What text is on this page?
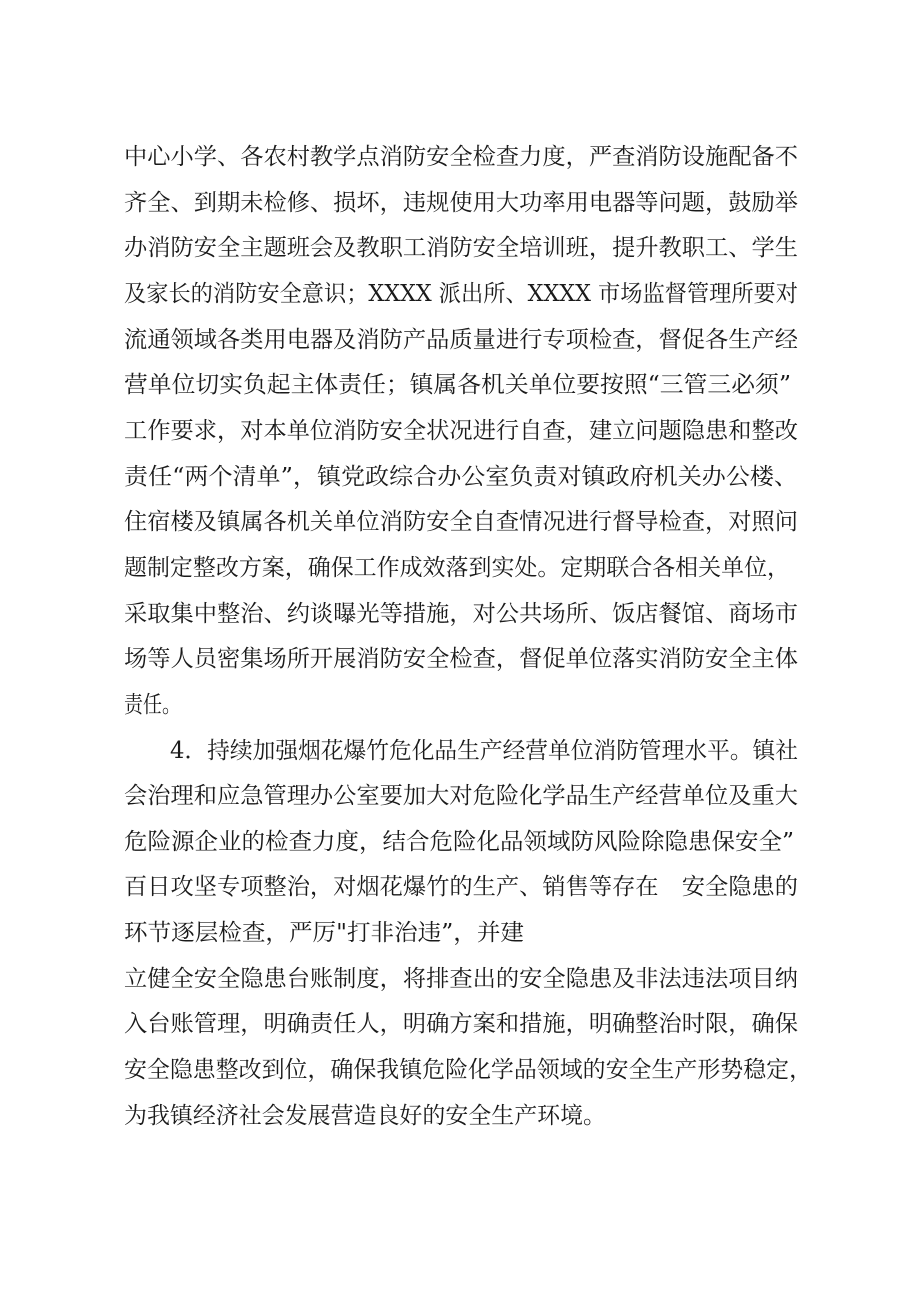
中心小学、各农村教学点消防安全检查力度，严查消防设施配备不

齐全、到期未检修、损坏，违规使用大功率用电器等问题，鼓励举

办消防安全主题班会及教职工消防安全培训班，提升教职工、学生

及家长的消防安全意识；XXXX 派出所、XXXX 市场监督管理所要对

流通领域各类用电器及消防产品质量进行专项检查，督促各生产经

营单位切实负起主体责任；镇属各机关单位要按照“三管三必须”

工作要求，对本单位消防安全状况进行自查，建立问题隐患和整改

责任“两个清单”，镇党政综合办公室负责对镇政府机关办公楼、

住宿楼及镇属各机关单位消防安全自查情况进行督导检查，对照问

题制定整改方案，确保工作成效落到实处。定期联合各相关单位，

采取集中整治、约谈曝光等措施，对公共场所、饭店餐馆、商场市

场等人员密集场所开展消防安全检查，督促单位落实消防安全主体

责任。

4．持续加强烟花爆竹危化品生产经营单位消防管理水平。镇社

会治理和应急管理办公室要加大对危险化学品生产经营单位及重大

危险源企业的检查力度，结合危险化品领域防风险除隐患保安全”

百日攻坚专项整治，对烟花爆竹的生产、销售等存在　安全隐患的

环节逐层检查，严厉"打非治违”，并建

立健全安全隐患台账制度，将排查出的安全隐患及非法违法项目纳

入台账管理，明确责任人，明确方案和措施，明确整治时限，确保

安全隐患整改到位，确保我镇危险化学品领域的安全生产形势稳定，

为我镇经济社会发展营造良好的安全生产环境。
